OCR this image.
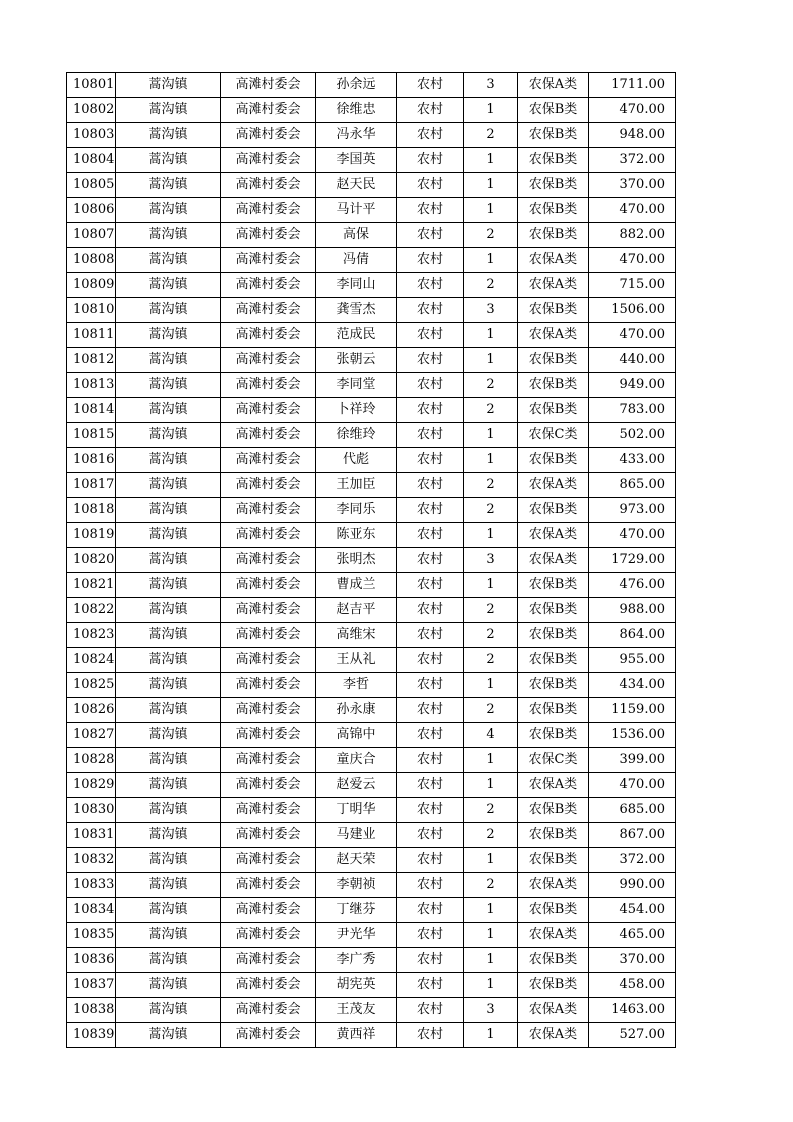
10801	蒿沟镇	高滩村委会	孙余远	农村	3	农保A类	1711.00
10802	蒿沟镇	高滩村委会	徐维忠	农村	1	农保B类	470.00
10803	蒿沟镇	高滩村委会	冯永华	农村	2	农保B类	948.00
10804	蒿沟镇	高滩村委会	李国英	农村	1	农保B类	372.00
10805	蒿沟镇	高滩村委会	赵天民	农村	1	农保B类	370.00
10806	蒿沟镇	高滩村委会	马计平	农村	1	农保B类	470.00
10807	蒿沟镇	高滩村委会	高保	农村	2	农保B类	882.00
10808	蒿沟镇	高滩村委会	冯倩	农村	1	农保A类	470.00
10809	蒿沟镇	高滩村委会	李同山	农村	2	农保A类	715.00
10810	蒿沟镇	高滩村委会	龚雪杰	农村	3	农保B类	1506.00
10811	蒿沟镇	高滩村委会	范成民	农村	1	农保A类	470.00
10812	蒿沟镇	高滩村委会	张朝云	农村	1	农保B类	440.00
10813	蒿沟镇	高滩村委会	李同堂	农村	2	农保B类	949.00
10814	蒿沟镇	高滩村委会	卜祥玲	农村	2	农保B类	783.00
10815	蒿沟镇	高滩村委会	徐维玲	农村	1	农保C类	502.00
10816	蒿沟镇	高滩村委会	代彪	农村	1	农保B类	433.00
10817	蒿沟镇	高滩村委会	王加臣	农村	2	农保A类	865.00
10818	蒿沟镇	高滩村委会	李同乐	农村	2	农保B类	973.00
10819	蒿沟镇	高滩村委会	陈亚东	农村	1	农保A类	470.00
10820	蒿沟镇	高滩村委会	张明杰	农村	3	农保A类	1729.00
10821	蒿沟镇	高滩村委会	曹成兰	农村	1	农保B类	476.00
10822	蒿沟镇	高滩村委会	赵吉平	农村	2	农保B类	988.00
10823	蒿沟镇	高滩村委会	高维宋	农村	2	农保B类	864.00
10824	蒿沟镇	高滩村委会	王从礼	农村	2	农保B类	955.00
10825	蒿沟镇	高滩村委会	李哲	农村	1	农保B类	434.00
10826	蒿沟镇	高滩村委会	孙永康	农村	2	农保B类	1159.00
10827	蒿沟镇	高滩村委会	高锦中	农村	4	农保B类	1536.00
10828	蒿沟镇	高滩村委会	童庆合	农村	1	农保C类	399.00
10829	蒿沟镇	高滩村委会	赵爱云	农村	1	农保A类	470.00
10830	蒿沟镇	高滩村委会	丁明华	农村	2	农保B类	685.00
10831	蒿沟镇	高滩村委会	马建业	农村	2	农保B类	867.00
10832	蒿沟镇	高滩村委会	赵天荣	农村	1	农保B类	372.00
10833	蒿沟镇	高滩村委会	李朝祯	农村	2	农保A类	990.00
10834	蒿沟镇	高滩村委会	丁继芬	农村	1	农保B类	454.00
10835	蒿沟镇	高滩村委会	尹光华	农村	1	农保A类	465.00
10836	蒿沟镇	高滩村委会	李广秀	农村	1	农保B类	370.00
10837	蒿沟镇	高滩村委会	胡宪英	农村	1	农保B类	458.00
10838	蒿沟镇	高滩村委会	王茂友	农村	3	农保A类	1463.00
10839	蒿沟镇	高滩村委会	黄西祥	农村	1	农保A类	527.00
